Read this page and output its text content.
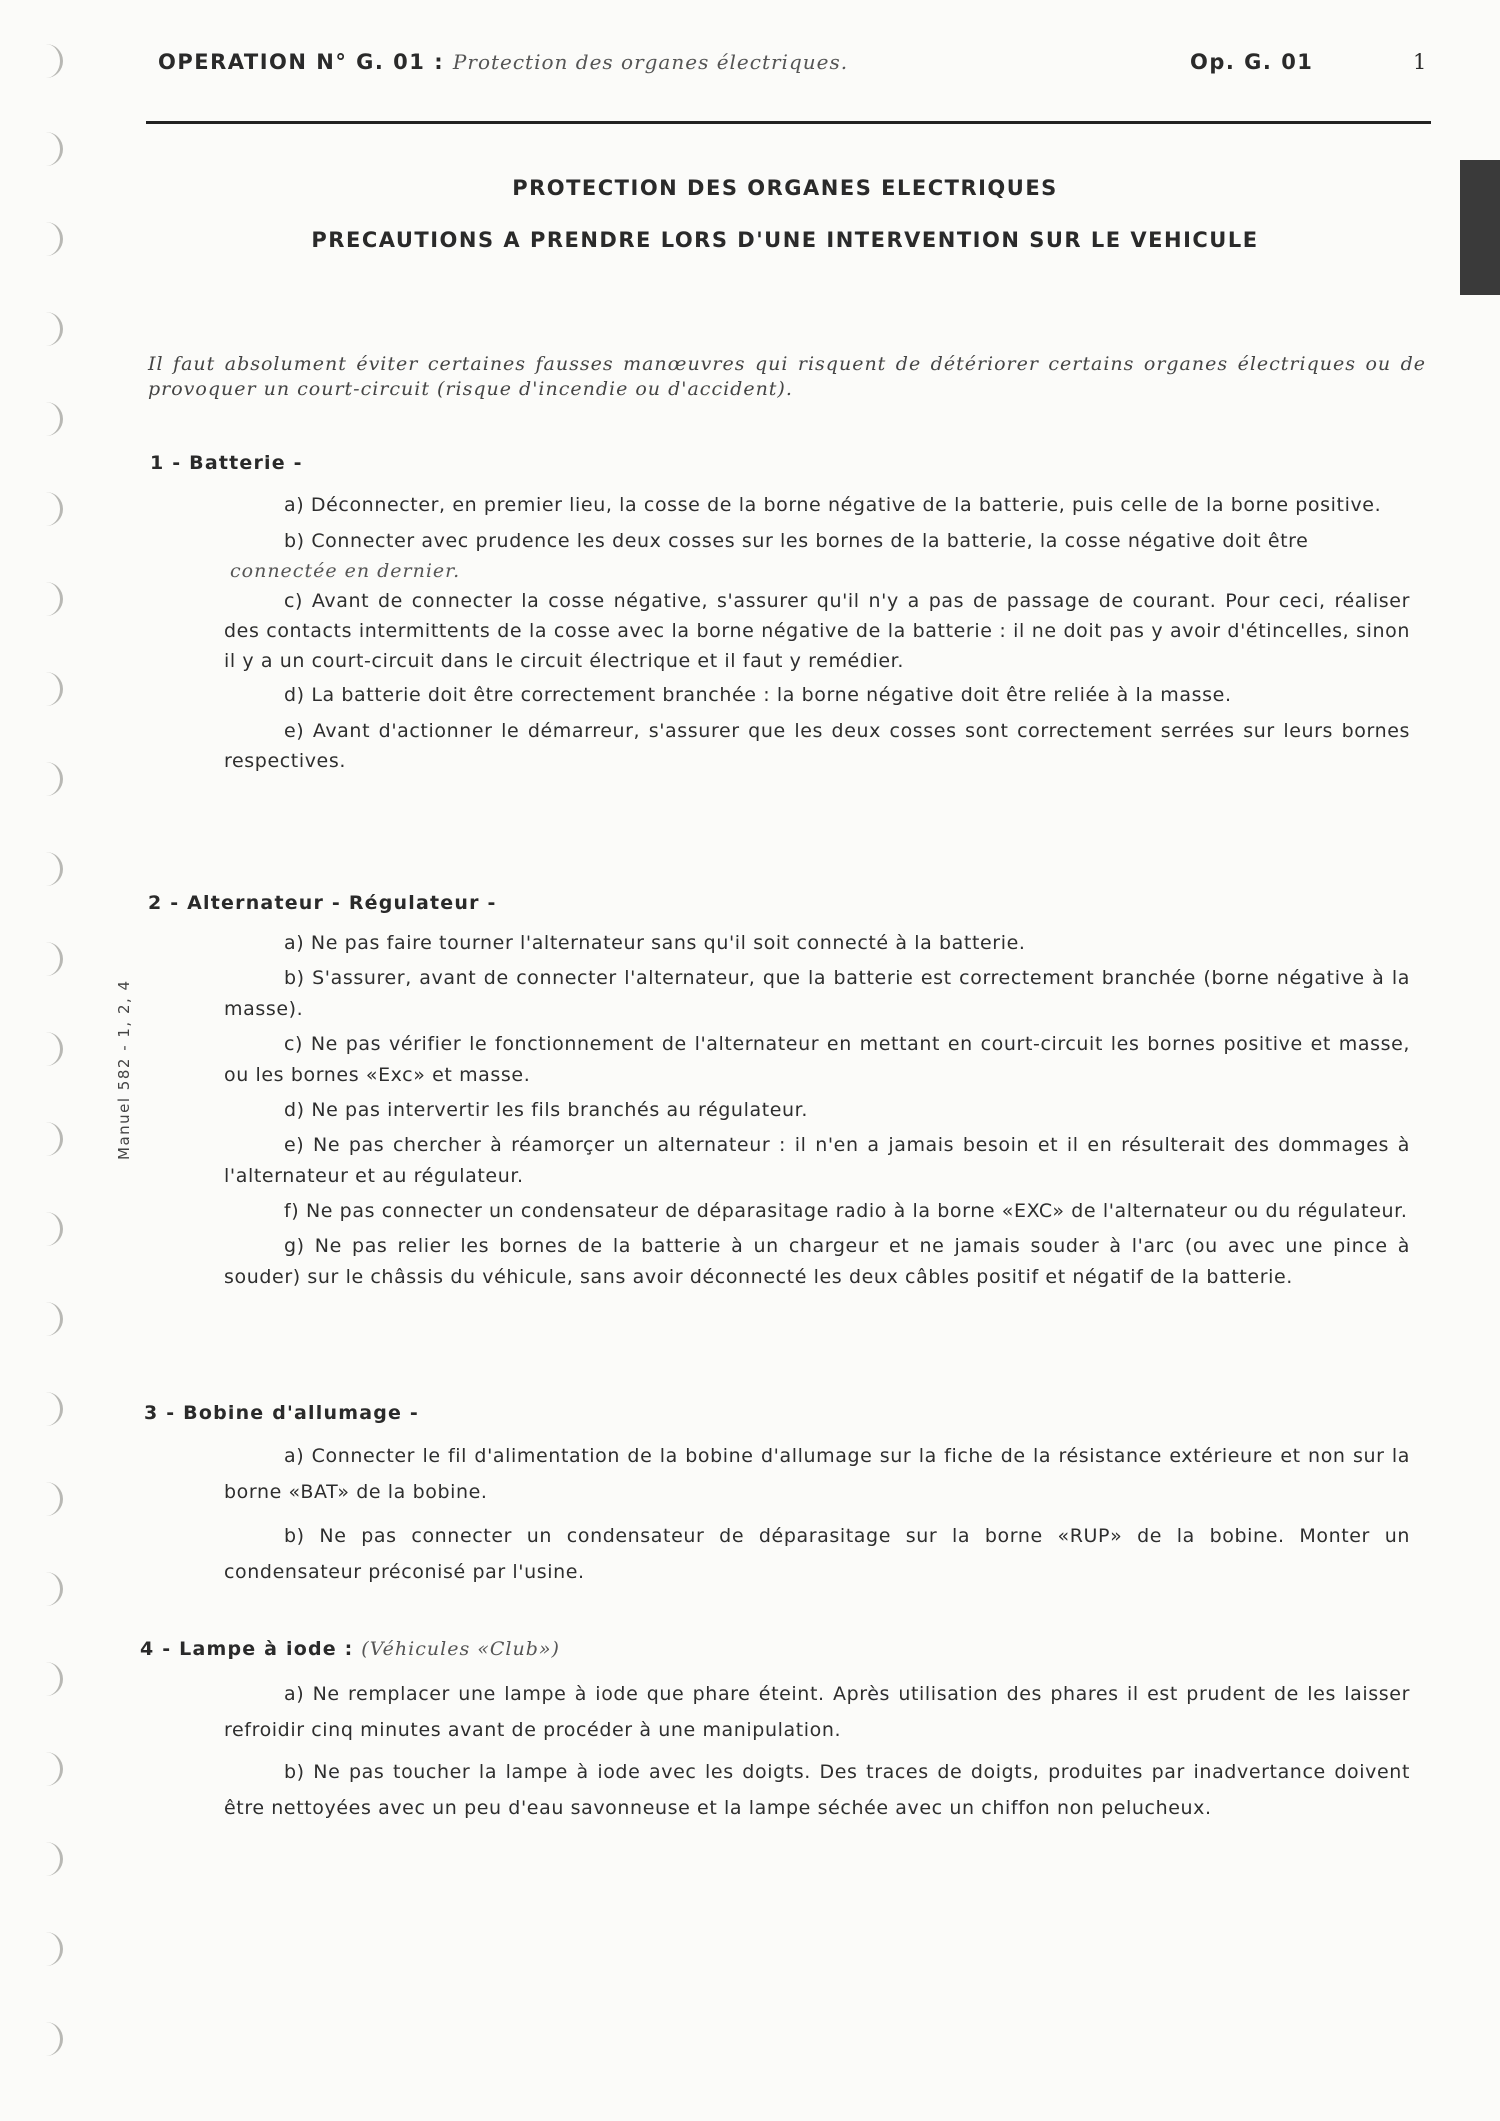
OPERATION N° G. 01 : Protection des organes électriques.	Op. G. 01	1
Manuel 582 - 1, 2, 4
PROTECTION DES ORGANES ELECTRIQUES
PRECAUTIONS A PRENDRE LORS D'UNE INTERVENTION SUR LE VEHICULE
Il faut absolument éviter certaines fausses manœuvres qui risquent de détériorer certains organes électriques ou de provoquer un court-circuit (risque d'incendie ou d'accident).
1 - Batterie -

a) Déconnecter, en premier lieu, la cosse de la borne négative de la batterie, puis celle de la borne positive.

b) Connecter avec prudence les deux cosses sur les bornes de la batterie, la cosse négative doit être

connectée en dernier.

c) Avant de connecter la cosse négative, s'assurer qu'il n'y a pas de passage de courant. Pour ceci, réaliser des contacts intermittents de la cosse avec la borne négative de la batterie : il ne doit pas y avoir d'étincelles, sinon il y a un court-circuit dans le circuit électrique et il faut y remédier.

d) La batterie doit être correctement branchée : la borne négative doit être reliée à la masse.

e) Avant d'actionner le démarreur, s'assurer que les deux cosses sont correctement serrées sur leurs bornes respectives.

2 - Alternateur - Régulateur -

a) Ne pas faire tourner l'alternateur sans qu'il soit connecté à la batterie.

b) S'assurer, avant de connecter l'alternateur, que la batterie est correctement branchée (borne négative à la masse).

c) Ne pas vérifier le fonctionnement de l'alternateur en mettant en court-circuit les bornes positive et masse, ou les bornes «Exc» et masse.

d) Ne pas intervertir les fils branchés au régulateur.

e) Ne pas chercher à réamorçer un alternateur : il n'en a jamais besoin et il en résulterait des dommages à l'alternateur et au régulateur.

f) Ne pas connecter un condensateur de déparasitage radio à la borne «EXC» de l'alternateur ou du régulateur.

g) Ne pas relier les bornes de la batterie à un chargeur et ne jamais souder à l'arc (ou avec une pince à souder) sur le châssis du véhicule, sans avoir déconnecté les deux câbles positif et négatif de la batterie.

3 - Bobine d'allumage -

a) Connecter le fil d'alimentation de la bobine d'allumage sur la fiche de la résistance extérieure et non sur la borne «BAT» de la bobine.

b) Ne pas connecter un condensateur de déparasitage sur la borne «RUP» de la bobine. Monter un condensateur préconisé par l'usine.

4 - Lampe à iode : (Véhicules «Club»)

a) Ne remplacer une lampe à iode que phare éteint. Après utilisation des phares il est prudent de les laisser refroidir cinq minutes avant de procéder à une manipulation.

b) Ne pas toucher la lampe à iode avec les doigts. Des traces de doigts, produites par inadvertance doivent être nettoyées avec un peu d'eau savonneuse et la lampe séchée avec un chiffon non pelucheux.
